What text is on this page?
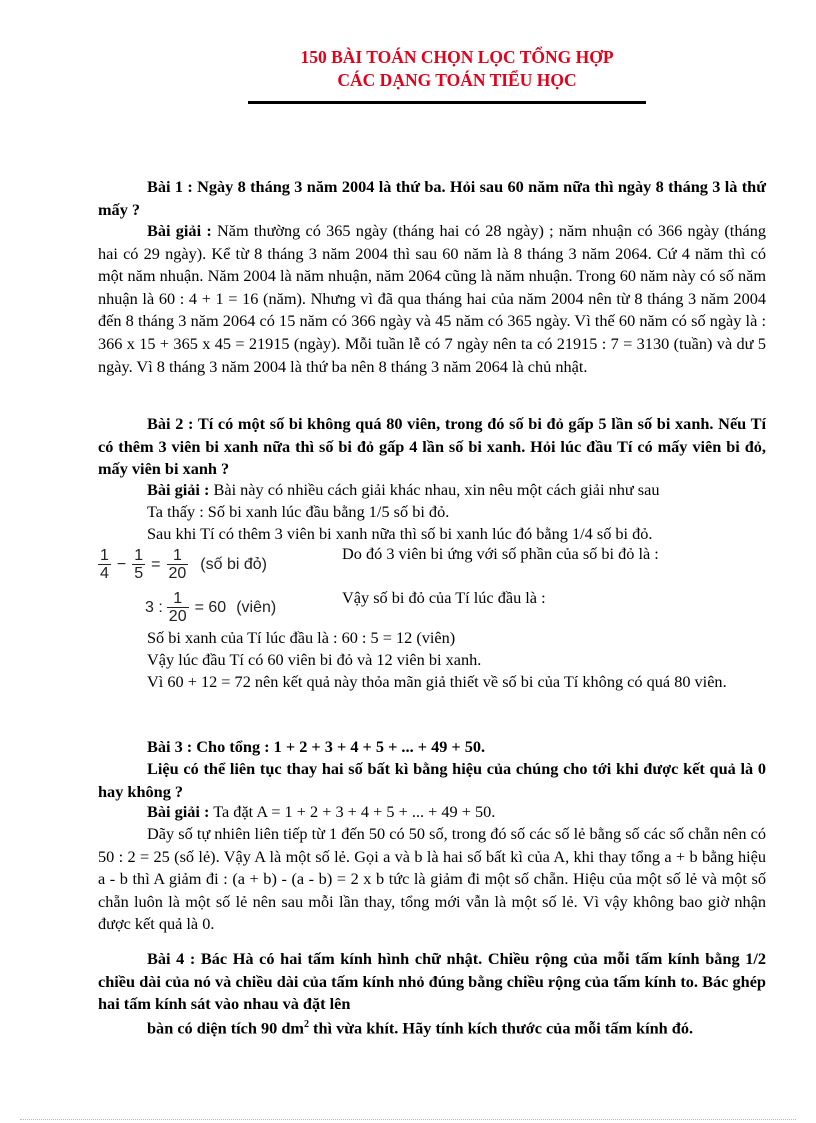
150 BÀI TOÁN CHỌN LỌC TỔNG HỢP
CÁC DẠNG TOÁN TIỂU HỌC

Bài 1 : Ngày 8 tháng 3 năm 2004 là thứ ba. Hỏi sau 60 năm nữa thì ngày 8 tháng 3 là thứ mấy ?

Bài giải : Năm thường có 365 ngày (tháng hai có 28 ngày) ; năm nhuận có 366 ngày (tháng hai có 29 ngày). Kể từ 8 tháng 3 năm 2004 thì sau 60 năm là 8 tháng 3 năm 2064. Cứ 4 năm thì có một năm nhuận. Năm 2004 là năm nhuận, năm 2064 cũng là năm nhuận. Trong 60 năm này có số năm nhuận là 60 : 4 + 1 = 16 (năm). Nhưng vì đã qua tháng hai của năm 2004 nên từ 8 tháng 3 năm 2004 đến 8 tháng 3 năm 2064 có 15 năm có 366 ngày và 45 năm có 365 ngày. Vì thế 60 năm có số ngày là : 366 x 15 + 365 x 45 = 21915 (ngày). Mỗi tuần lễ có 7 ngày nên ta có 21915 : 7 = 3130 (tuần) và dư 5 ngày. Vì 8 tháng 3 năm 2004 là thứ ba nên 8 tháng 3 năm 2064 là chủ nhật.

Bài 2 : Tí có một số bi không quá 80 viên, trong đó số bi đỏ gấp 5 lần số bi xanh. Nếu Tí có thêm 3 viên bi xanh nữa thì số bi đỏ gấp 4 lần số bi xanh. Hỏi lúc đầu Tí có mấy viên bi đỏ, mấy viên bi xanh ?

Bài giải : Bài này có nhiều cách giải khác nhau, xin nêu một cách giải như sau

Ta thấy : Số bi xanh lúc đầu bằng 1/5 số bi đỏ.

Sau khi Tí có thêm 3 viên bi xanh nữa thì số bi xanh lúc đó bằng 1/4 số bi đỏ.

Do đó 3 viên bi ứng với số phần của số bi đỏ là :

Vậy số bi đỏ của Tí lúc đầu là :

$\frac{1}{4} - \frac{1}{5} = \frac{1}{20}$ (số bi đỏ)
3 : $\frac{1}{20} = 60$ (viên)

Số bi xanh của Tí lúc đầu là : 60 : 5 = 12 (viên)

Vậy lúc đầu Tí có 60 viên bi đỏ và 12 viên bi xanh.

Vì 60 + 12 = 72 nên kết quả này thỏa mãn giả thiết về số bi của Tí không có quá 80 viên.

Bài 3 : Cho tổng : 1 + 2 + 3 + 4 + 5 + ... + 49 + 50.

Liệu có thể liên tục thay hai số bất kì bằng hiệu của chúng cho tới khi được kết quả là 0 hay không ?

Bài giải : Ta đặt A = 1 + 2 + 3 + 4 + 5 + ... + 49 + 50.

Dãy số tự nhiên liên tiếp từ 1 đến 50 có 50 số, trong đó số các số lẻ bằng số các số chẵn nên có 50 : 2 = 25 (số lẻ). Vậy A là một số lẻ. Gọi a và b là hai số bất kì của A, khi thay tổng a + b bằng hiệu a - b thì A giảm đi : (a + b) - (a - b) = 2 x b tức là giảm đi một số chẵn. Hiệu của một số lẻ và một số chẵn luôn là một số lẻ nên sau mỗi lần thay, tổng mới vẫn là một số lẻ. Vì vậy không bao giờ nhận được kết quả là 0.

Bài 4 : Bác Hà có hai tấm kính hình chữ nhật. Chiều rộng của mỗi tấm kính bằng 1/2 chiều dài của nó và chiều dài của tấm kính nhỏ đúng bằng chiều rộng của tấm kính to. Bác ghép hai tấm kính sát vào nhau và đặt lên

bàn có diện tích 90 $dm^2$ thì vừa khít. Hãy tính kích thước của mỗi tấm kính đó.
